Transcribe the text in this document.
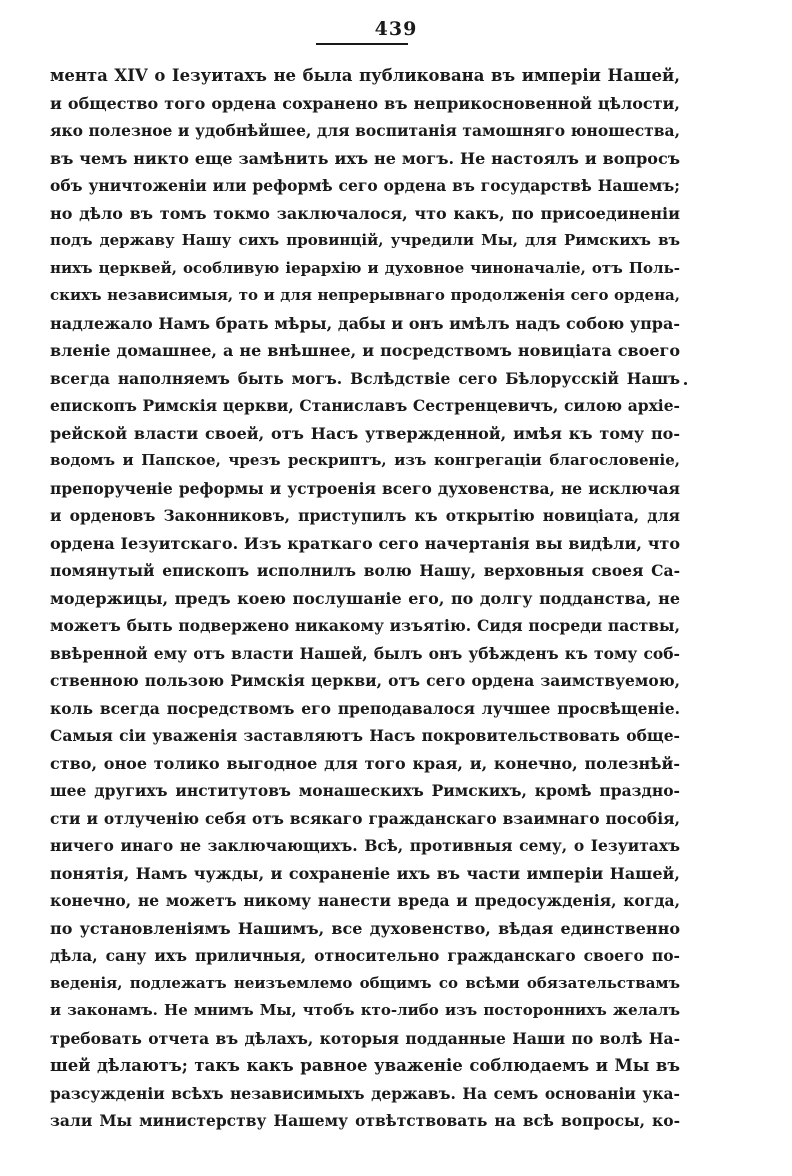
439
мента XIV о Іезуитахъ не была публикована въ имперіи Нашей,
и общество того ордена сохранено въ неприкосновенной цѣлости,
яко полезное и удобнѣйшее, для воспитанія тамошняго юношества,
въ чемъ никто еще замѣнить ихъ не могъ. Не настоялъ и вопросъ
объ уничтоженіи или реформѣ сего ордена въ государствѣ Нашемъ;
но дѣло въ томъ токмо заключалося, что какъ, по присоединеніи
подъ державу Нашу сихъ провинцій, учредили Мы, для Римскихъ въ
нихъ церквей, особливую іерархію и духовное чиноначаліе, отъ Поль-
скихъ независимыя, то и для непрерывнаго продолженія сего ордена,
надлежало Намъ брать мѣры, дабы и онъ имѣлъ надъ собою упра-
вленіе домашнее, а не внѣшнее, и посредствомъ новиціата своего
всегда наполняемъ быть могъ. Вслѣдствіе сего Бѣлорусскій Нашъ
епископъ Римскія церкви, Станиславъ Сестренцевичъ, силою архіе-
рейской власти своей, отъ Насъ утвержденной, имѣя къ тому по-
водомъ и Папское, чрезъ рескриптъ, изъ конгрегаціи благословеніе,
препорученіе реформы и устроенія всего духовенства, не исключая
и орденовъ Законниковъ, приступилъ къ открытію новиціата, для
ордена Іезуитскаго. Изъ краткаго сего начертанія вы видѣли, что
помянутый епископъ исполнилъ волю Нашу, верховныя своея Са-
модержицы, предъ коею послушаніе его, по долгу подданства, не
можетъ быть подвержено никакому изъятію. Сидя посреди паствы,
ввѣренной ему отъ власти Нашей, былъ онъ убѣжденъ къ тому соб-
ственною пользою Римскія церкви, отъ сего ордена заимствуемою,
коль всегда посредствомъ его преподавалося лучшее просвѣщеніе.
Самыя сіи уваженія заставляютъ Насъ покровительствовать обще-
ство, оное толико выгодное для того края, и, конечно, полезнѣй-
шее другихъ институтовъ монашескихъ Римскихъ, кромѣ праздно-
сти и отлученію себя отъ всякаго гражданскаго взаимнаго пособія,
ничего инаго не заключающихъ. Всѣ, противныя сему, о Іезуитахъ
понятія, Намъ чужды, и сохраненіе ихъ въ части имперіи Нашей,
конечно, не можетъ никому нанести вреда и предосужденія, когда,
по установленіямъ Нашимъ, все духовенство, вѣдая единственно
дѣла, сану ихъ приличныя, относительно гражданскаго своего по-
веденія, подлежатъ неизъемлемо общимъ со всѣми обязательствамъ
и законамъ. Не мнимъ Мы, чтобъ кто-либо изъ постороннихъ желалъ
требовать отчета въ дѣлахъ, которыя подданные Наши по волѣ На-
шей дѣлаютъ; такъ какъ равное уваженіе соблюдаемъ и Мы въ
разсужденіи всѣхъ независимыхъ державъ. На семъ основаніи ука-
зали Мы министерству Нашему отвѣтствовать на всѣ вопросы, ко-
